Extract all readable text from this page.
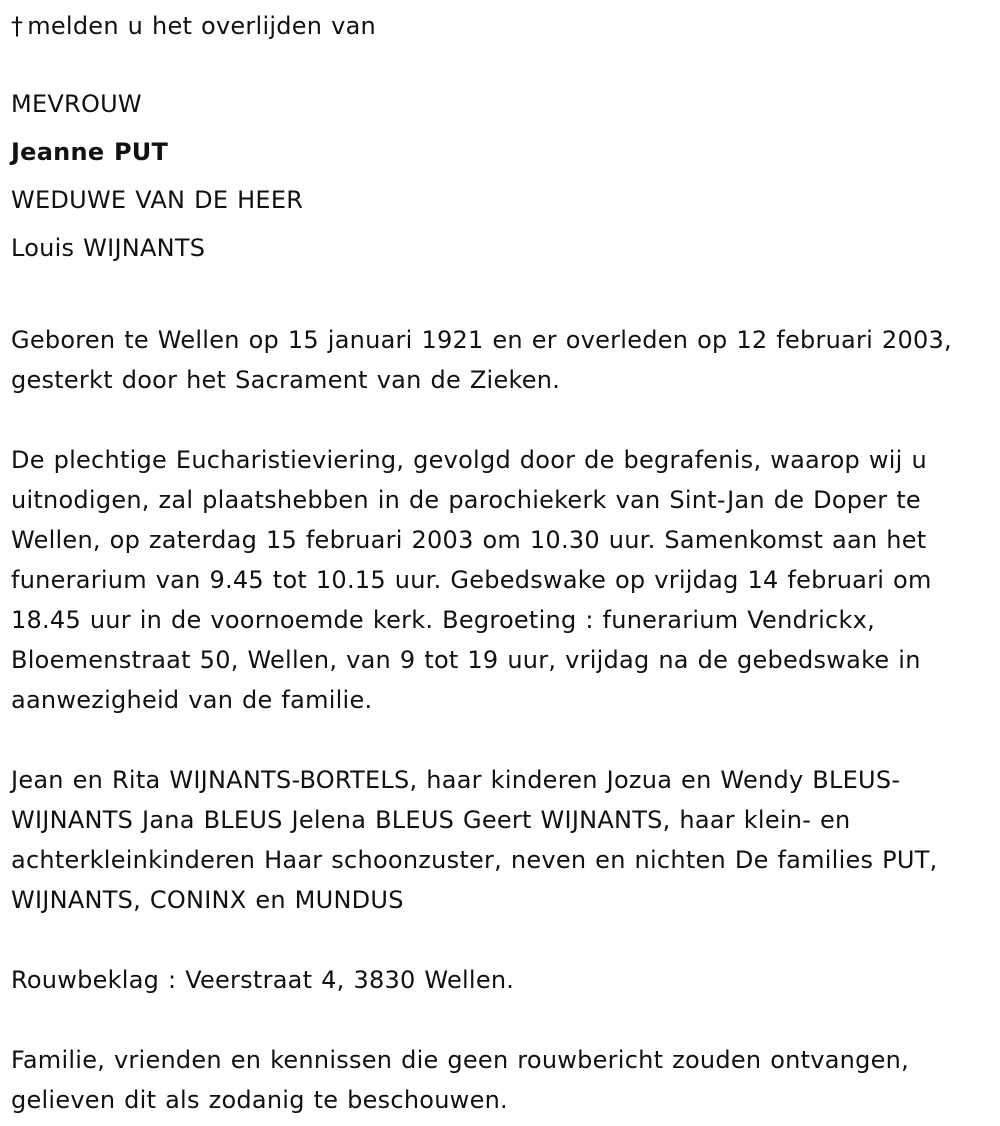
† melden u het overlijden van

MEVROUW
Jeanne PUT
WEDUWE VAN DE HEER
Louis WIJNANTS

Geboren te Wellen op 15 januari 1921 en er overleden op 12 februari 2003, gesterkt door het Sacrament van de Zieken.

De plechtige Eucharistieviering, gevolgd door de begrafenis, waarop wij u uitnodigen, zal plaatshebben in de parochiekerk van Sint-Jan de Doper te Wellen, op zaterdag 15 februari 2003 om 10.30 uur. Samenkomst aan het funerarium van 9.45 tot 10.15 uur. Gebedswake op vrijdag 14 februari om 18.45 uur in de voornoemde kerk. Begroeting : funerarium Vendrickx, Bloemenstraat 50, Wellen, van 9 tot 19 uur, vrijdag na de gebedswake in aanwezigheid van de familie.

Jean en Rita WIJNANTS-BORTELS, haar kinderen Jozua en Wendy BLEUS-WIJNANTS Jana BLEUS Jelena BLEUS Geert WIJNANTS, haar klein- en achterkleinkinderen Haar schoonzuster, neven en nichten De families PUT, WIJNANTS, CONINX en MUNDUS

Rouwbeklag : Veerstraat 4, 3830 Wellen.

Familie, vrienden en kennissen die geen rouwbericht zouden ontvangen, gelieven dit als zodanig te beschouwen.
